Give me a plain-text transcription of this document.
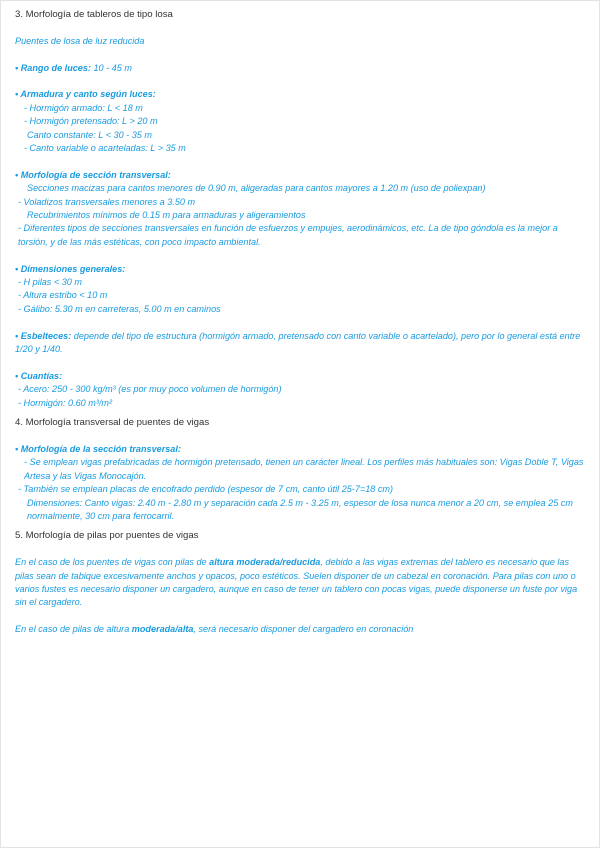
3. Morfología de tableros de tipo losa

Puentes de losa de luz reducida

• Rango de luces: 10 - 45 m

• Armadura y canto según luces:

- Hormigón armado: L < 18 m

- Hormigón pretensado: L > 20 m

Canto constante: L < 30 - 35 m

- Canto variable o acarteladas: L > 35 m

• Morfología de sección transversal:

Secciones macizas para cantos menores de 0.90 m, aligeradas para cantos mayores a 1.20 m (uso de poliexpan)

- Voladizos transversales menores a 3.50 m

Recubrimientos mínimos de 0.15 m para armaduras y aligeramientos

- Diferentes tipos de secciones transversales en función de esfuerzos y empujes, aerodinámicos, etc. La de tipo góndola es la mejor a torsión, y de las más estéticas, con poco impacto ambiental.

• Dimensiones generales:

- H pilas < 30 m

- Altura estribo < 10 m

- Gálibo: 5.30 m en carreteras, 5.00 m en caminos

• Esbelteces: depende del tipo de estructura (hormigón armado, pretensado con canto variable o acartelado), pero por lo general está entre 1/20 y 1/40.

• Cuantías:

- Acero: 250 - 300 kg/m³ (es por muy poco volumen de hormigón)

- Hormigón: 0.60 m³/m²

4. Morfología transversal de puentes de vigas

• Morfología de la sección transversal:

- Se emplean vigas prefabricadas de hormigón pretensado, tienen un carácter lineal. Los perfiles más habituales son: Vigas Doble T, Vigas Artesa y las Vigas Monocajón.

- También se emplean placas de encofrado perdido (espesor de 7 cm, canto útil 25-7=18 cm)

Dimensiones: Canto vigas: 2.40 m - 2.80 m y separación cada 2.5 m - 3.25 m, espesor de losa nunca menor a 20 cm, se emplea 25 cm normalmente, 30 cm para ferrocarril.

5. Morfología de pilas por puentes de vigas

En el caso de los puentes de vigas con pilas de altura moderada/reducida, debido a las vigas extremas del tablero es necesario que las pilas sean de tabique excesivamente anchos y opacos, poco estéticos. Suelen disponer de un cabezal en coronación. Para pilas con uno o varios fustes es necesario disponer un cargadero, aunque en caso de tener un tablero con pocas vigas, puede disponerse un fuste por viga sin el cargadero.

En el caso de pilas de altura moderada/alta, será necesario disponer del cargadero en coronación
